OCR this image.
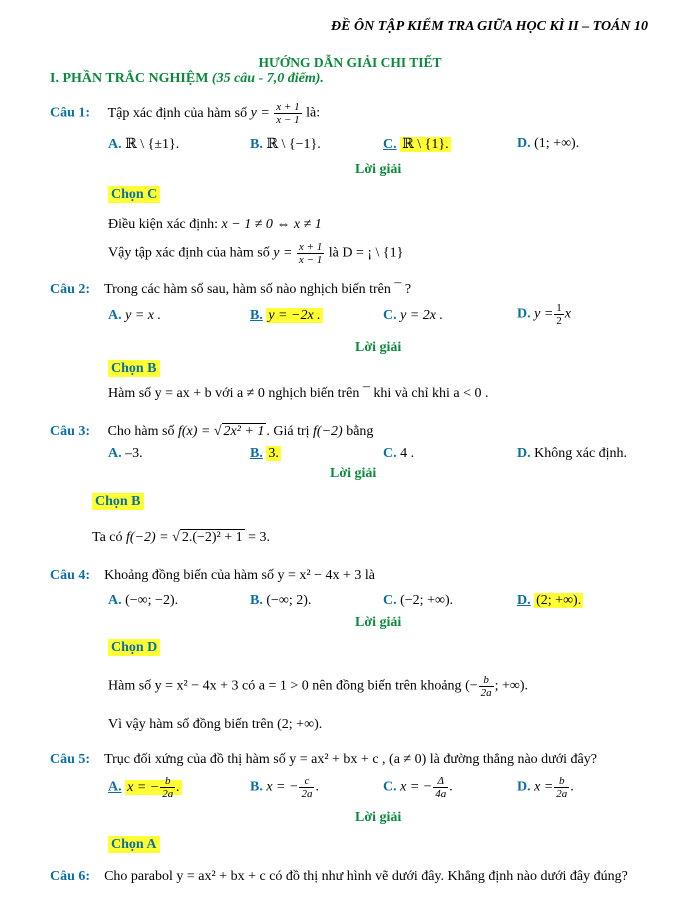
ĐỀ ÔN TẬP KIỂM TRA GIỮA HỌC KÌ II – TOÁN 10
HƯỚNG DẪN GIẢI CHI TIẾT
I. PHẦN TRẮC NGHIỆM (35 câu - 7,0 điểm).
Câu 1: Tập xác định của hàm số $y = \frac{x + 1}{x - 1}$ là:
A. ℝ \ {±1}.	B. ℝ \ {−1}.	C. ℝ \ {1}.	D. (1; +∞).
Lời giải
Chọn C
Điều kiện xác định: x − 1 ≠ 0 ⇔ x ≠ 1
Vậy tập xác định của hàm số $y = \frac{x + 1}{x - 1}$ là D = ¡ \ {1}
Câu 2: Trong các hàm số sau, hàm số nào nghịch biến trên ¯ ?
A. y = x .	B. y = −2x .	C. y = 2x .	D. $y = \frac{1}{2}$ x
Lời giải
Chọn B
Hàm số y = ax + b với a ≠ 0 nghịch biến trên ¯ khi và chỉ khi a < 0 .
Câu 3: Cho hàm số f(x) = √ 2x² + 1 . Giá trị f(−2) bằng
A. –3.	B. 3.	C. 4 .	D. Không xác định.
Lời giải
Chọn B
Ta có f(−2) = √ 2.(−2)² + 1 = 3.
Câu 4: Khoảng đồng biến của hàm số y = x² − 4x + 3 là
A. (−∞; −2).	B. (−∞; 2).	C. (−2; +∞).	D. (2; +∞).
Lời giải
Chọn D
Hàm số y = x² − 4x + 3 có a = 1 > 0 nên đồng biến trên khoảng (− $\frac{b}{2a}$ ; +∞).
Vì vậy hàm số đồng biến trên (2; +∞).
Câu 5: Trục đối xứng của đồ thị hàm số y = ax² + bx + c , (a ≠ 0) là đường thẳng nào dưới đây?
A. x = − $\frac{b}{2a}$ .	B. x = − $\frac{c}{2a}$ .	C. x = − $\frac{\Delta}{4a}$ .	D. $x = \frac{b}{2a}$ .
Lời giải
Chọn A
Câu 6: Cho parabol y = ax² + bx + c có đồ thị như hình vẽ dưới đây. Khẳng định nào dưới đây đúng?
